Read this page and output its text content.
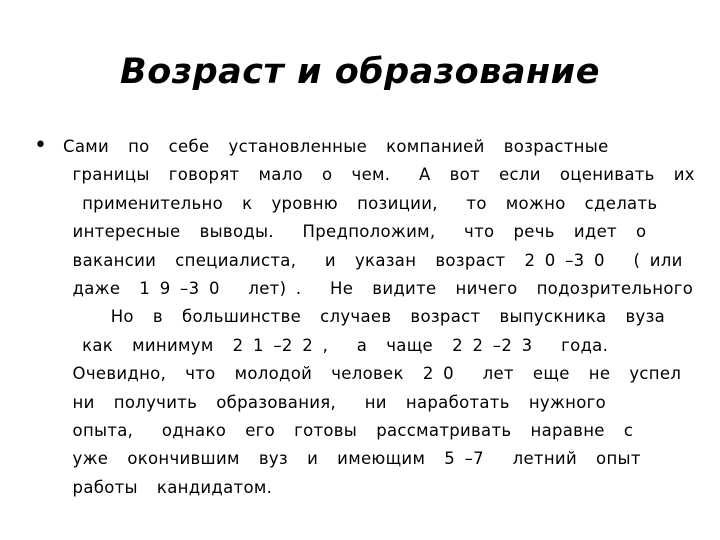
Возраст и образование
• Сами  по  себе  установленные  компанией  возрастные
границы  говорят  мало  о  чем.   А  вот  если  оценивать  их
применительно  к  уровню  позиции,   то  можно  сделать
интересные  выводы.   Предположим,   что  речь  идет  о
вакансии  специалиста,   и  указан  возраст  2 0 –3 0   ( или
даже  1 9 –3 0   лет) .   Не  видите  ничего  подозрительного
Но  в  большинстве  случаев  возраст  выпускника  вуза
как  минимум  2 1 –2 2 ,   а  чаще  2 2 –2 3   года.
Очевидно,  что  молодой  человек  2 0   лет  еще  не  успел
ни  получить  образования,   ни  наработать  нужного
опыта,   однако  его  готовы  рассматривать  наравне  с
уже  окончившим  вуз  и  имеющим  5 –7   летний  опыт
работы  кандидатом.
